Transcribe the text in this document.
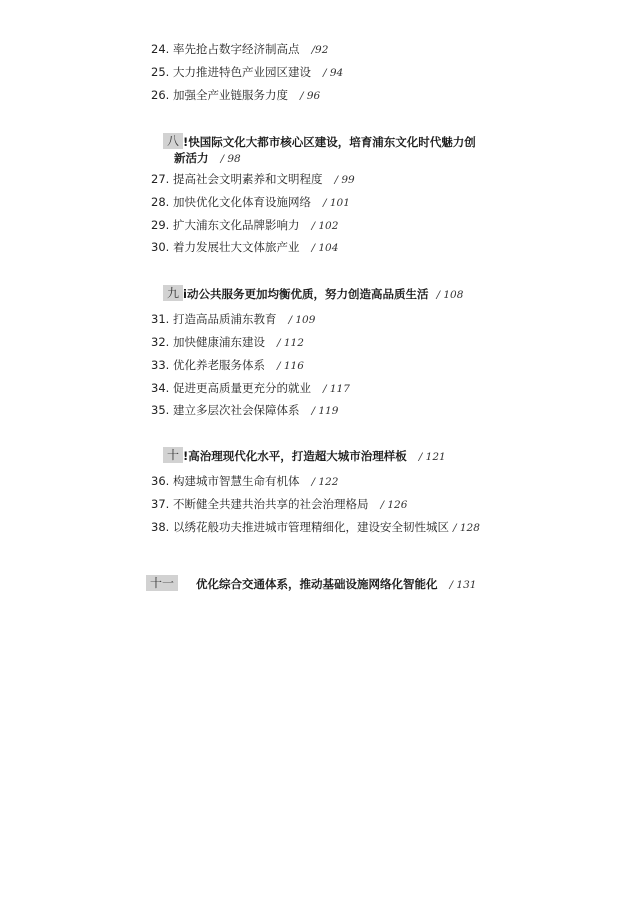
24. 率先抢占数字经济制高点 /92
25. 大力推进特色产业园区建设 / 94
26. 加强全产业链服务力度 / 96
八 !快国际文化大都市核心区建设，培育浦东文化时代魅力创
新活力 / 98
27. 提高社会文明素养和文明程度 / 99
28. 加快优化文化体育设施网络 / 101
29. 扩大浦东文化品牌影响力 / 102
30. 着力发展壮大文体旅产业 / 104
九 i动公共服务更加均衡优质，努力创造高品质生活 / 108
31. 打造高品质浦东教育 / 109
32. 加快健康浦东建设 / 112
33. 优化养老服务体系 / 116
34. 促进更高质量更充分的就业 / 117
35. 建立多层次社会保障体系 / 119
十 !高治理现代化水平，打造超大城市治理样板 / 121
36. 构建城市智慧生命有机体 / 122
37. 不断健全共建共治共享的社会治理格局 / 126
38. 以绣花般功夫推进城市管理精细化，建设安全韧性城区 / 128
十一 优化综合交通体系，推动基础设施网络化智能化 / 131
